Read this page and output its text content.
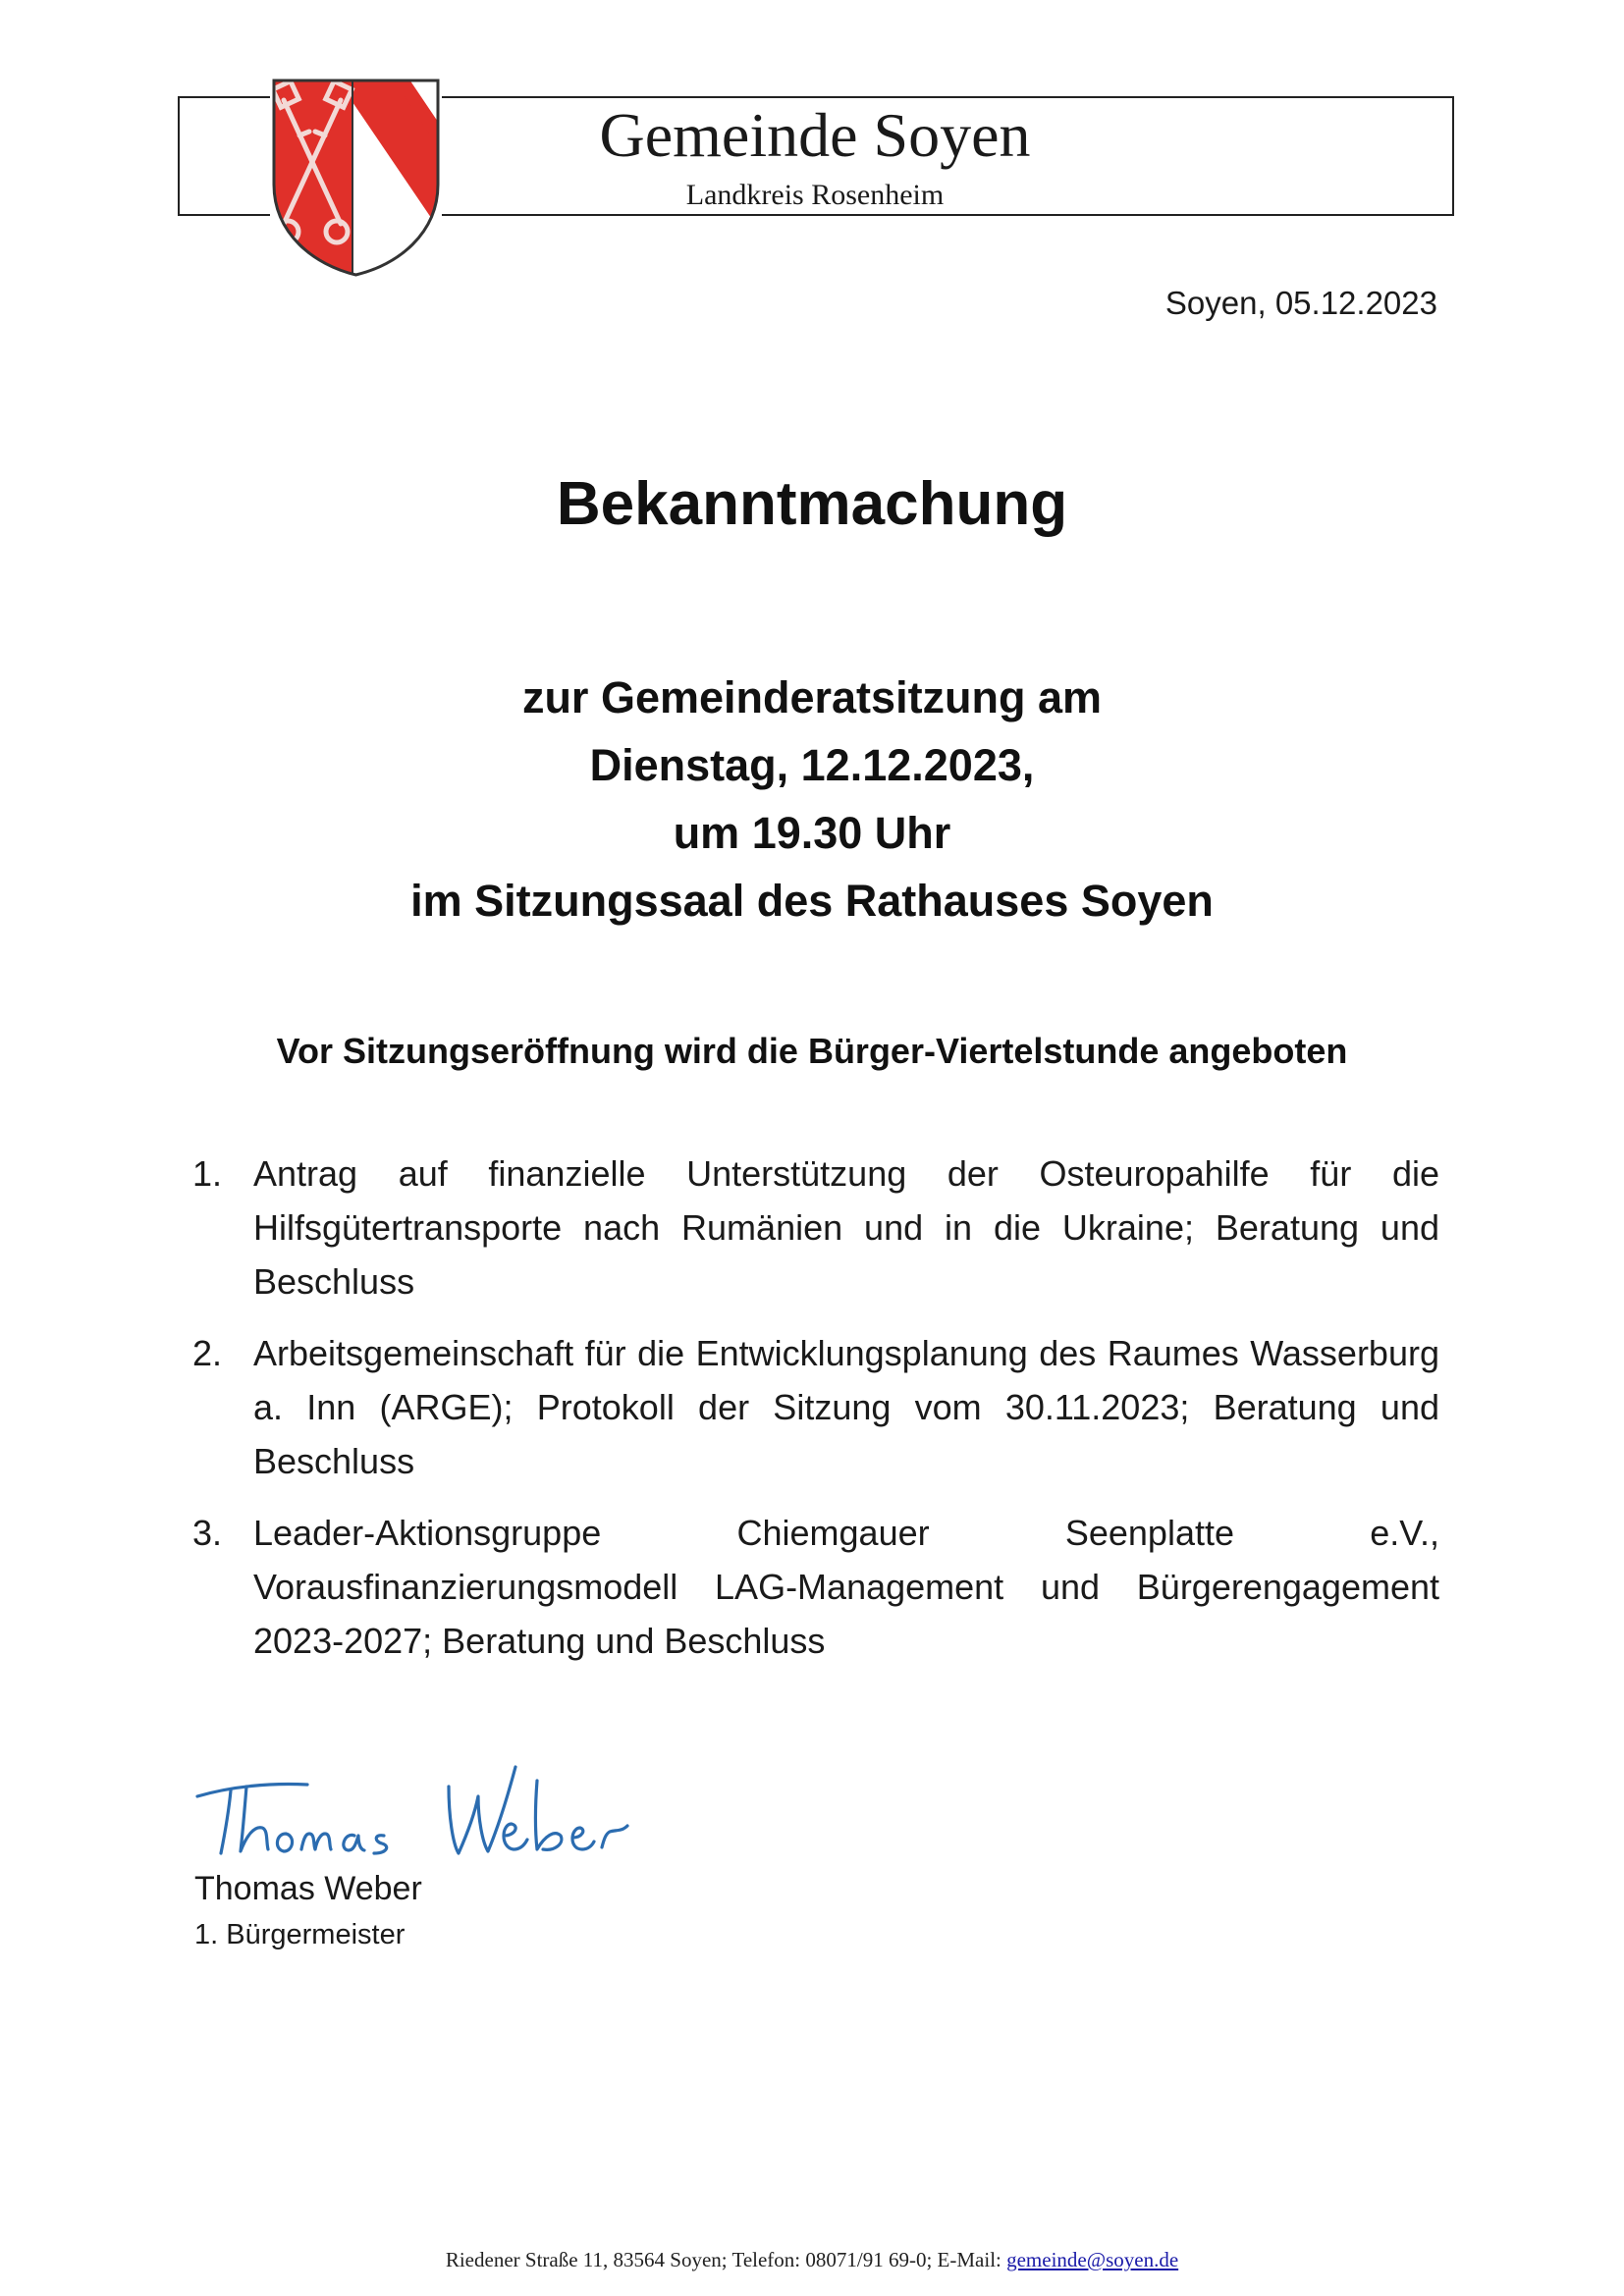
Gemeinde Soyen
Landkreis Rosenheim
Soyen, 05.12.2023
Bekanntmachung
zur Gemeinderatsitzung am
Dienstag, 12.12.2023,
um 19.30 Uhr
im Sitzungssaal des Rathauses Soyen
Vor Sitzungseröffnung wird die Bürger-Viertelstunde angeboten
1. Antrag auf finanzielle Unterstützung der Osteuropahilfe für die Hilfsgütertransporte nach Rumänien und in die Ukraine; Beratung und Beschluss
2. Arbeitsgemeinschaft für die Entwicklungsplanung des Raumes Wasserburg a. Inn (ARGE); Protokoll der Sitzung vom 30.11.2023; Beratung und Beschluss
3. Leader-Aktionsgruppe Chiemgauer Seenplatte e.V., Vorausfinanzierungsmodell LAG-Management und Bürgerengagement 2023-2027; Beratung und Beschluss
Thomas Weber
1. Bürgermeister
Riedener Straße 11, 83564 Soyen; Telefon: 08071/91 69-0; E-Mail: gemeinde@soyen.de
